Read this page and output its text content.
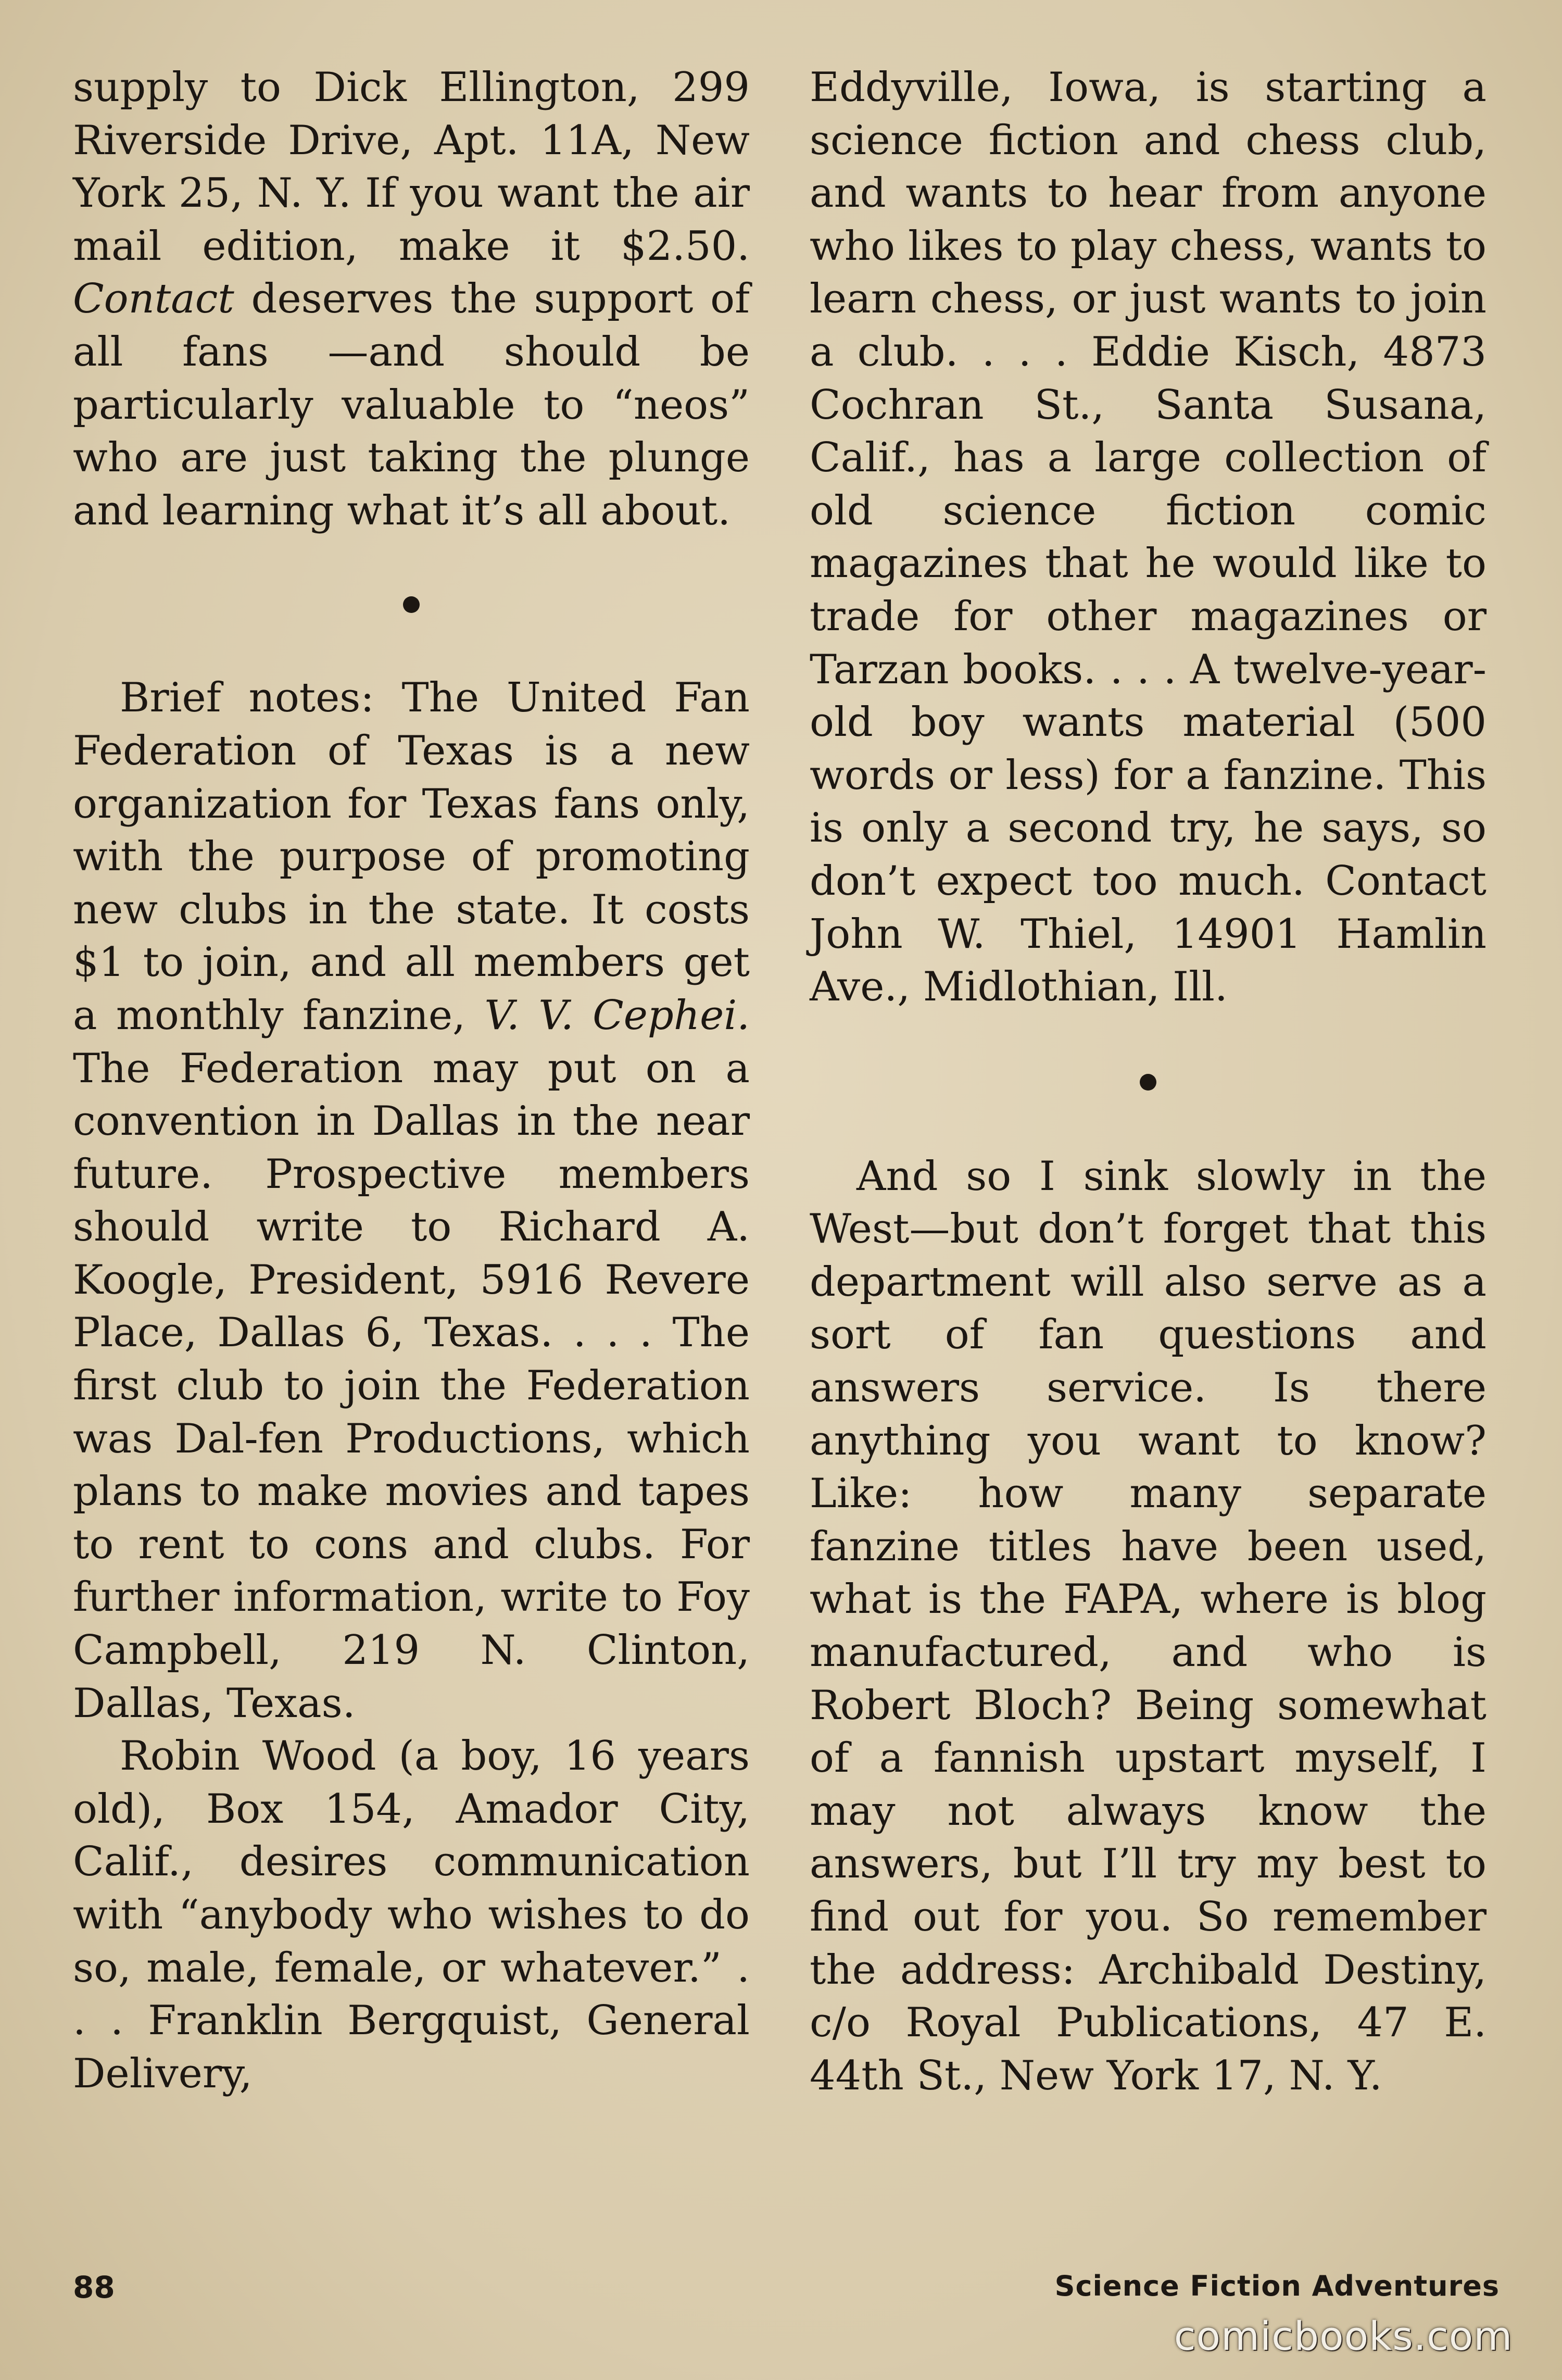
supply to Dick Ellington, 299 Riverside Drive, Apt. 11A, New York 25, N. Y. If you want the air mail edition, make it $2.50. Contact deserves the support of all fans —and should be particularly valuable to “neos” who are just taking the plunge and learning what it’s all about.

Brief notes: The United Fan Federation of Texas is a new organization for Texas fans only, with the purpose of promoting new clubs in the state. It costs $1 to join, and all members get a monthly fanzine, V. V. Cephei. The Federation may put on a convention in Dallas in the near future. Prospective members should write to Richard A. Koogle, President, 5916 Revere Place, Dallas 6, Texas. . . . The first club to join the Federation was Dal-fen Productions, which plans to make movies and tapes to rent to cons and clubs. For further information, write to Foy Campbell, 219 N. Clinton, Dallas, Texas.

Robin Wood (a boy, 16 years old), Box 154, Amador City, Calif., desires communication with “anybody who wishes to do so, male, female, or whatever.” . . . Franklin Bergquist, General Delivery,

Eddyville, Iowa, is starting a science fiction and chess club, and wants to hear from anyone who likes to play chess, wants to learn chess, or just wants to join a club. . . . Eddie Kisch, 4873 Cochran St., Santa Susana, Calif., has a large collection of old science fiction comic magazines that he would like to trade for other magazines or Tarzan books. . . . A twelve-year-old boy wants material (500 words or less) for a fanzine. This is only a second try, he says, so don’t expect too much. Contact John W. Thiel, 14901 Hamlin Ave., Midlothian, Ill.

And so I sink slowly in the West—but don’t forget that this department will also serve as a sort of fan questions and answers service. Is there anything you want to know? Like: how many separate fanzine titles have been used, what is the FAPA, where is blog manufactured, and who is Robert Bloch? Being somewhat of a fannish upstart myself, I may not always know the answers, but I’ll try my best to find out for you. So remember the address: Archibald Destiny, c/o Royal Publications, 47 E. 44th St., New York 17, N. Y.

88	Science Fiction Adventures
comicbooks.com
